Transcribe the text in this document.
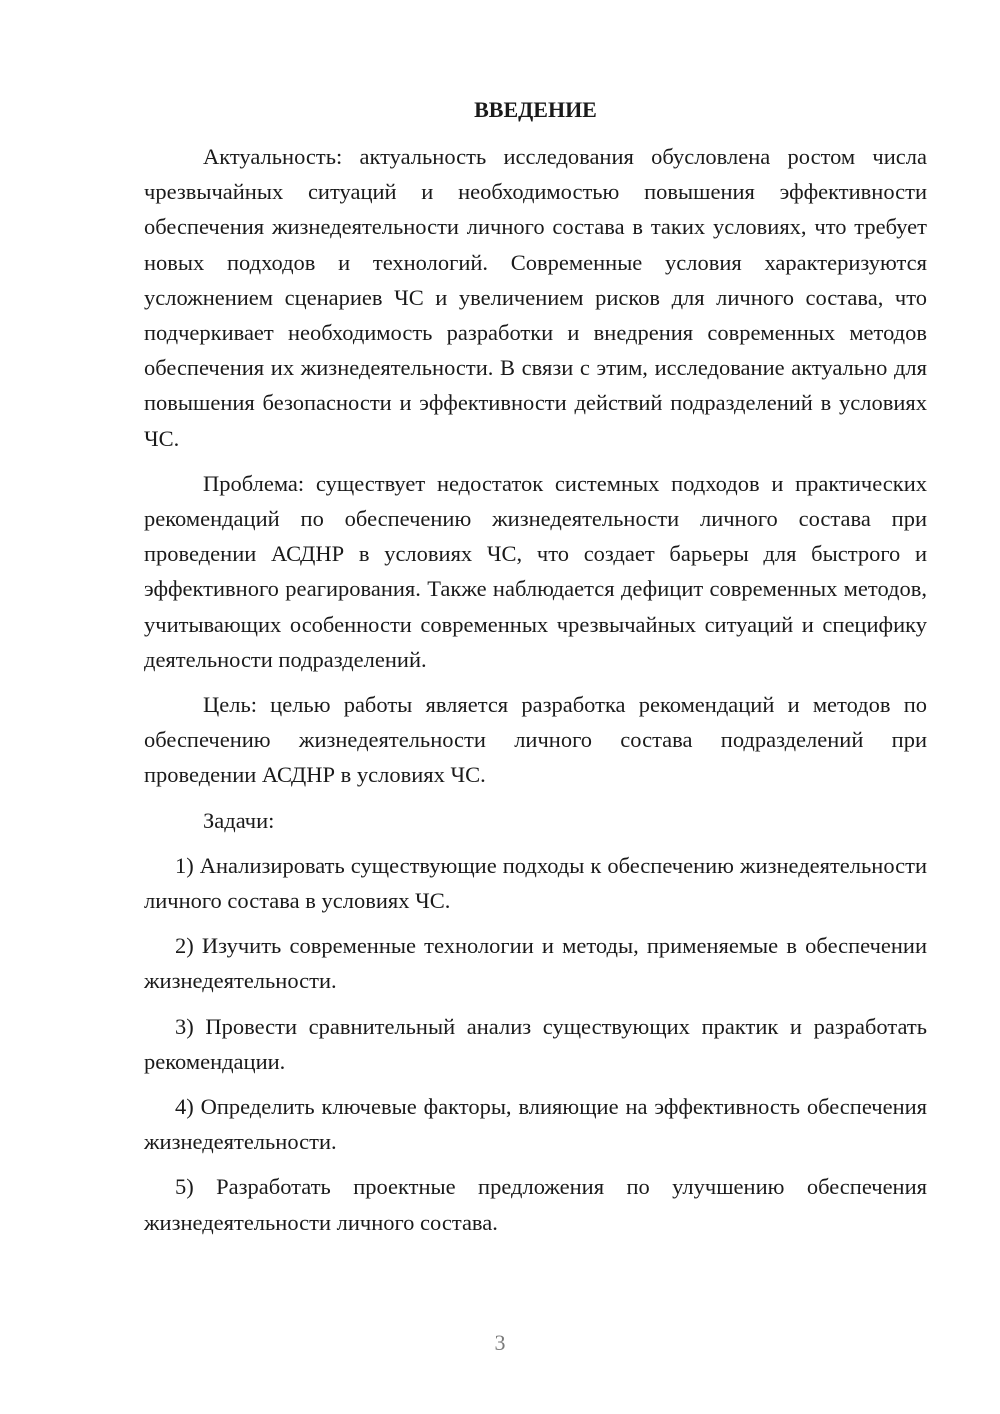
ВВЕДЕНИЕ

Актуальность: актуальность исследования обусловлена ростом числа чрезвычайных ситуаций и необходимостью повышения эффективности обеспечения жизнедеятельности личного состава в таких условиях, что требует новых подходов и технологий. Современные условия характеризуются усложнением сценариев ЧС и увеличением рисков для личного состава, что подчеркивает необходимость разработки и внедрения современных методов обеспечения их жизнедеятельности. В связи с этим, исследование актуально для повышения безопасности и эффективности действий подразделений в условиях ЧС.

Проблема: существует недостаток системных подходов и практических рекомендаций по обеспечению жизнедеятельности личного состава при проведении АСДНР в условиях ЧС, что создает барьеры для быстрого и эффективного реагирования. Также наблюдается дефицит современных методов, учитывающих особенности современных чрезвычайных ситуаций и специфику деятельности подразделений.

Цель: целью работы является разработка рекомендаций и методов по обеспечению жизнедеятельности личного состава подразделений при проведении АСДНР в условиях ЧС.

Задачи:

1) Анализировать существующие подходы к обеспечению жизнедеятельности личного состава в условиях ЧС.

2) Изучить современные технологии и методы, применяемые в обеспечении жизнедеятельности.

3) Провести сравнительный анализ существующих практик и разработать рекомендации.

4) Определить ключевые факторы, влияющие на эффективность обеспечения жизнедеятельности.

5) Разработать проектные предложения по улучшению обеспечения жизнедеятельности личного состава.

3
